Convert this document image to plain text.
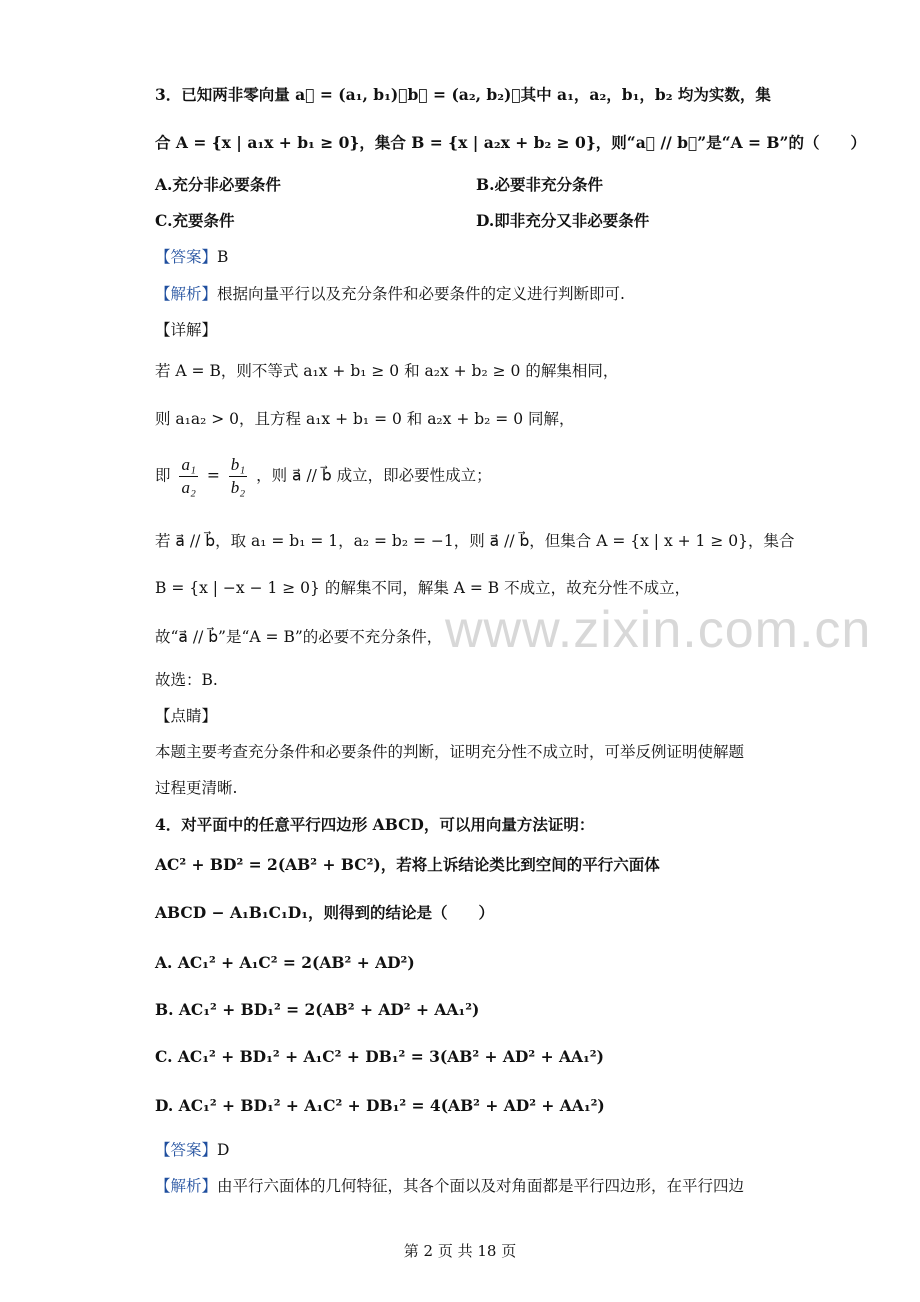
3．已知两非零向量 a⃗ = (a₁, b₁)，b⃗ = (a₂, b₂)，其中 a₁，a₂，b₁，b₂ 均为实数，集
合 A = {x | a₁x + b₁ ≥ 0}，集合 B = {x | a₂x + b₂ ≥ 0}，则“a⃗ // b⃗”是“A = B”的（　　）
A.充分非必要条件
C.充要条件
【答案】B
【解析】根据向量平行以及充分条件和必要条件的定义进行判断即可.
【详解】
若 A = B，则不等式 a₁x + b₁ ≥ 0 和 a₂x + b₂ ≥ 0 的解集相同，
则 a₁a₂ > 0，且方程 a₁x + b₁ = 0 和 a₂x + b₂ = 0 同解，
若 a⃗ // b⃗，取 a₁ = b₁ = 1，a₂ = b₂ = −1，则 a⃗ // b⃗，但集合 A = {x | x + 1 ≥ 0}，集合
B = {x | −x − 1 ≥ 0} 的解集不同，解集 A = B 不成立，故充分性不成立，
故“a⃗ // b⃗”是“A = B”的必要不充分条件，
故选：B.
【点睛】
本题主要考查充分条件和必要条件的判断，证明充分性不成立时，可举反例证明使解题
过程更清晰.
4．对平面中的任意平行四边形 ABCD，可以用向量方法证明：
AC² + BD² = 2(AB² + BC²)，若将上诉结论类比到空间的平行六面体
ABCD − A₁B₁C₁D₁，则得到的结论是（　　）
A. AC₁² + A₁C² = 2(AB² + AD²)
B. AC₁² + BD₁² = 2(AB² + AD² + AA₁²)
C. AC₁² + BD₁² + A₁C² + DB₁² = 3(AB² + AD² + AA₁²)
D. AC₁² + BD₁² + A₁C² + DB₁² = 4(AB² + AD² + AA₁²)
【答案】D
【解析】由平行六面体的几何特征，其各个面以及对角面都是平行四边形，在平行四边
B.必要非充分条件
D.即非充分又非必要条件
即 $\frac{\text{a₁}}{\text{a₂}} = \frac{\text{b₁}}{\text{b₂}}$ ，则 a⃗ // b⃗ 成立，即必要性成立；
www.zixin.com.cn
第 2 页 共 18 页
